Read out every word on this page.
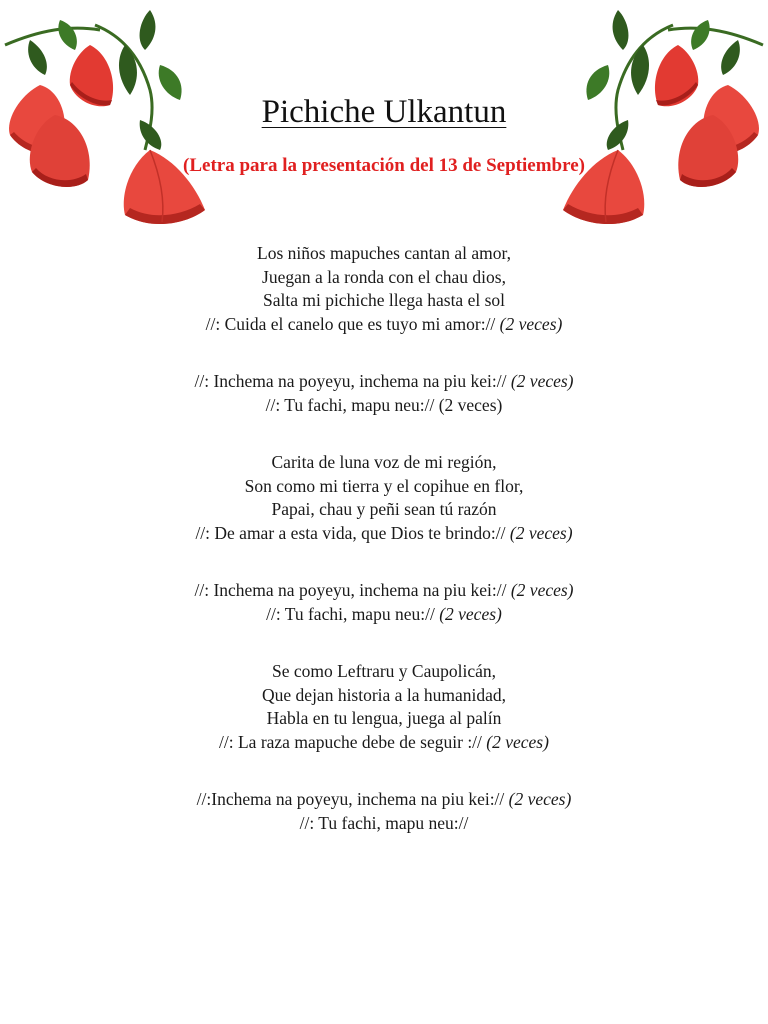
Pichiche Ulkantun
(Letra para la presentación del 13 de Septiembre)
Los niños mapuches cantan al amor,
Juegan a la ronda con el chau dios,
Salta mi pichiche llega hasta el sol
//: Cuida el canelo que es tuyo mi amor:// (2 veces)
//: Inchema na poyeyu, inchema na piu kei:// (2 veces)
//: Tu fachi, mapu neu:// (2 veces)
Carita de luna voz de mi región,
Son como mi tierra y el copihue en flor,
Papai, chau y peñi sean tú razón
//: De amar a esta vida, que Dios te brindo:// (2 veces)
//: Inchema na poyeyu, inchema na piu kei:// (2 veces)
//: Tu fachi, mapu neu:// (2 veces)
Se como Leftraru y Caupolicán,
Que dejan historia a la humanidad,
Habla en tu lengua, juega al palín
//: La raza mapuche debe de seguir :// (2 veces)
//:Inchema na poyeyu, inchema na piu kei:// (2 veces)
//: Tu fachi, mapu neu://
